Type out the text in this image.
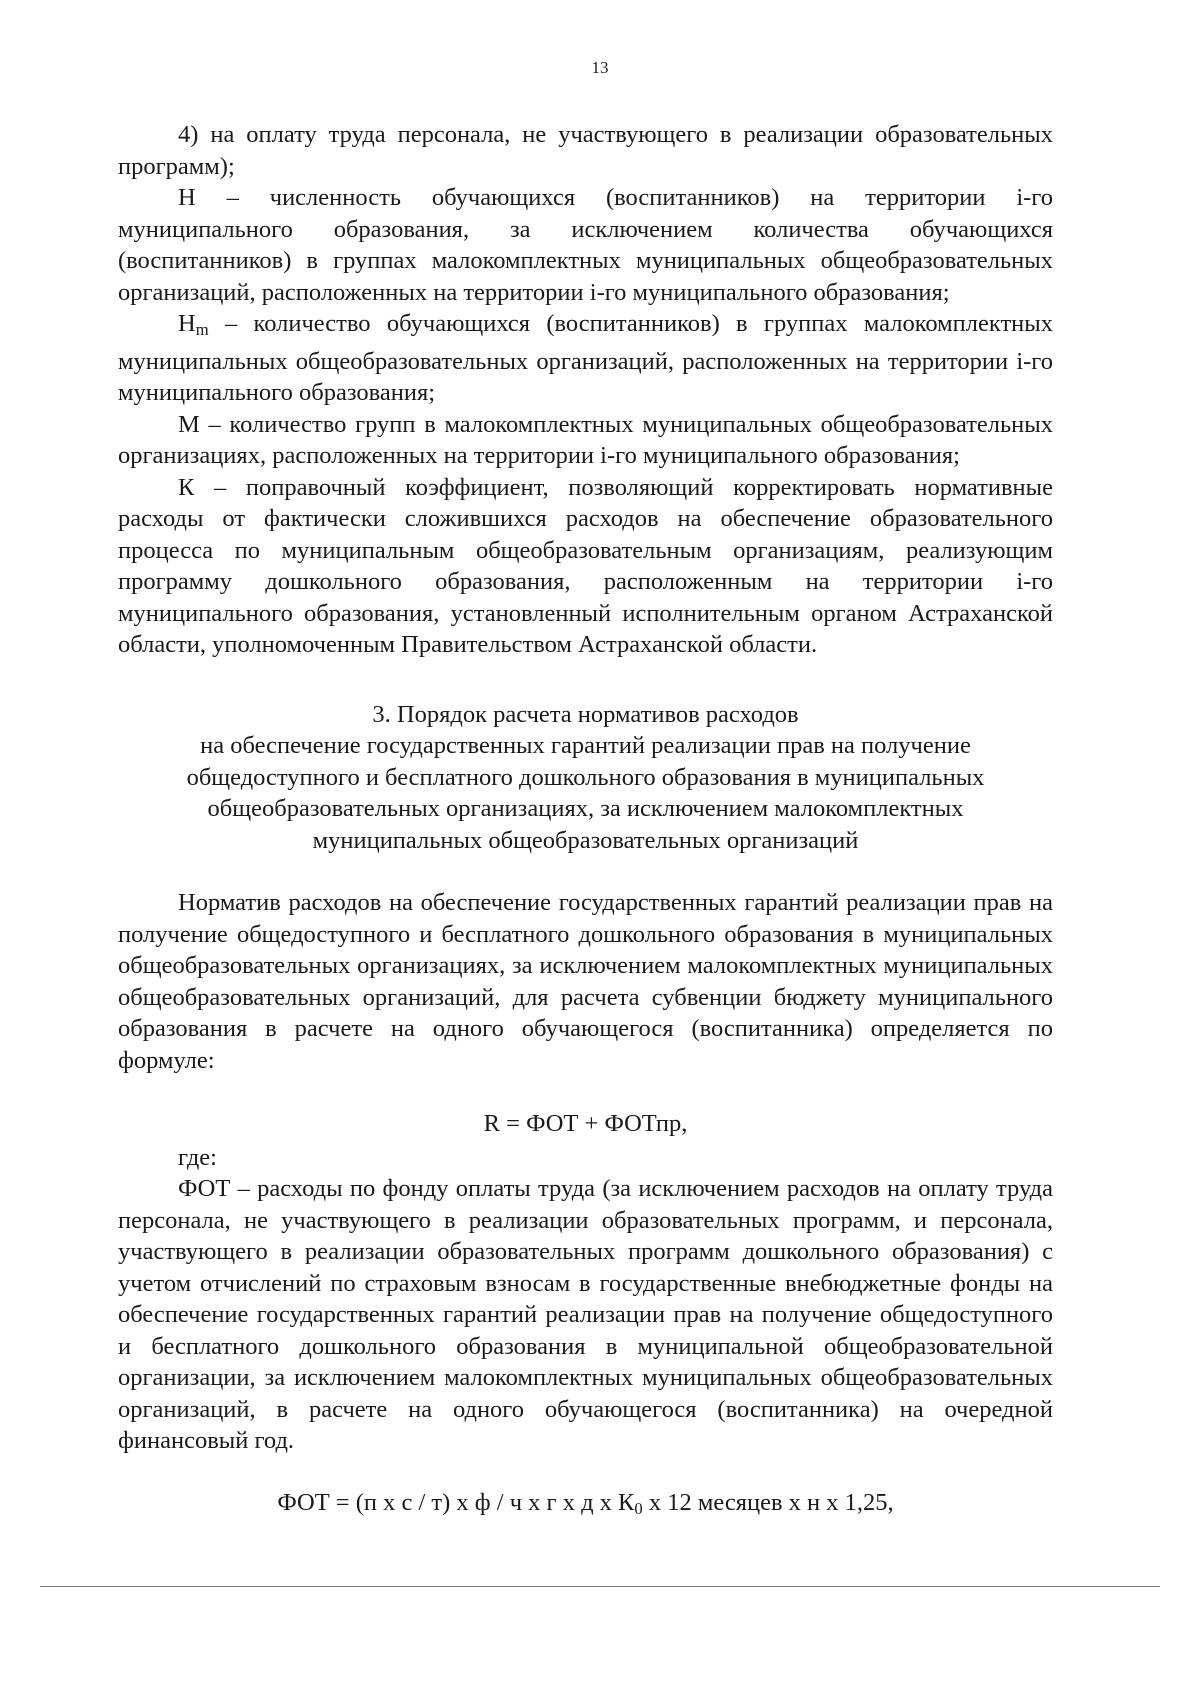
13

4) на оплату труда персонала, не участвующего в реализации образовательных программ);

Н – численность обучающихся (воспитанников) на территории i-го муниципального образования, за исключением количества обучающихся (воспитанников) в группах малокомплектных муниципальных общеобразовательных организаций, расположенных на территории i-го муниципального образования;

$Н_m$ – количество обучающихся (воспитанников) в группах малокомплектных муниципальных общеобразовательных организаций, расположенных на территории i-го муниципального образования;

М – количество групп в малокомплектных муниципальных общеобразовательных организациях, расположенных на территории i-го муниципального образования;

К – поправочный коэффициент, позволяющий корректировать нормативные расходы от фактически сложившихся расходов на обеспечение образовательного процесса по муниципальным общеобразовательным организациям, реализующим программу дошкольного образования, расположенным на территории i-го муниципального образования, установленный исполнительным органом Астраханской области, уполномоченным Правительством Астраханской области.

3. Порядок расчета нормативов расходов
на обеспечение государственных гарантий реализации прав на получение
общедоступного и бесплатного дошкольного образования в муниципальных
общеобразовательных организациях, за исключением малокомплектных
муниципальных общеобразовательных организаций

Норматив расходов на обеспечение государственных гарантий реализации прав на получение общедоступного и бесплатного дошкольного образования в муниципальных общеобразовательных организациях, за исключением малокомплектных муниципальных общеобразовательных организаций, для расчета субвенции бюджету муниципального образования в расчете на одного обучающегося (воспитанника) определяется по формуле:

R = ФОТ + ФОТпр,

где:

ФОТ – расходы по фонду оплаты труда (за исключением расходов на оплату труда персонала, не участвующего в реализации образовательных программ, и персонала, участвующего в реализации образовательных программ дошкольного образования) с учетом отчислений по страховым взносам в государственные внебюджетные фонды на обеспечение государственных гарантий реализации прав на получение общедоступного и бесплатного дошкольного образования в муниципальной общеобразовательной организации, за исключением малокомплектных муниципальных общеобразовательных организаций, в расчете на одного обучающегося (воспитанника) на очередной финансовый год.

ФОТ = (п х с / т) х ф / ч х г х д х $К_0$ х 12 месяцев х н х 1,25,
